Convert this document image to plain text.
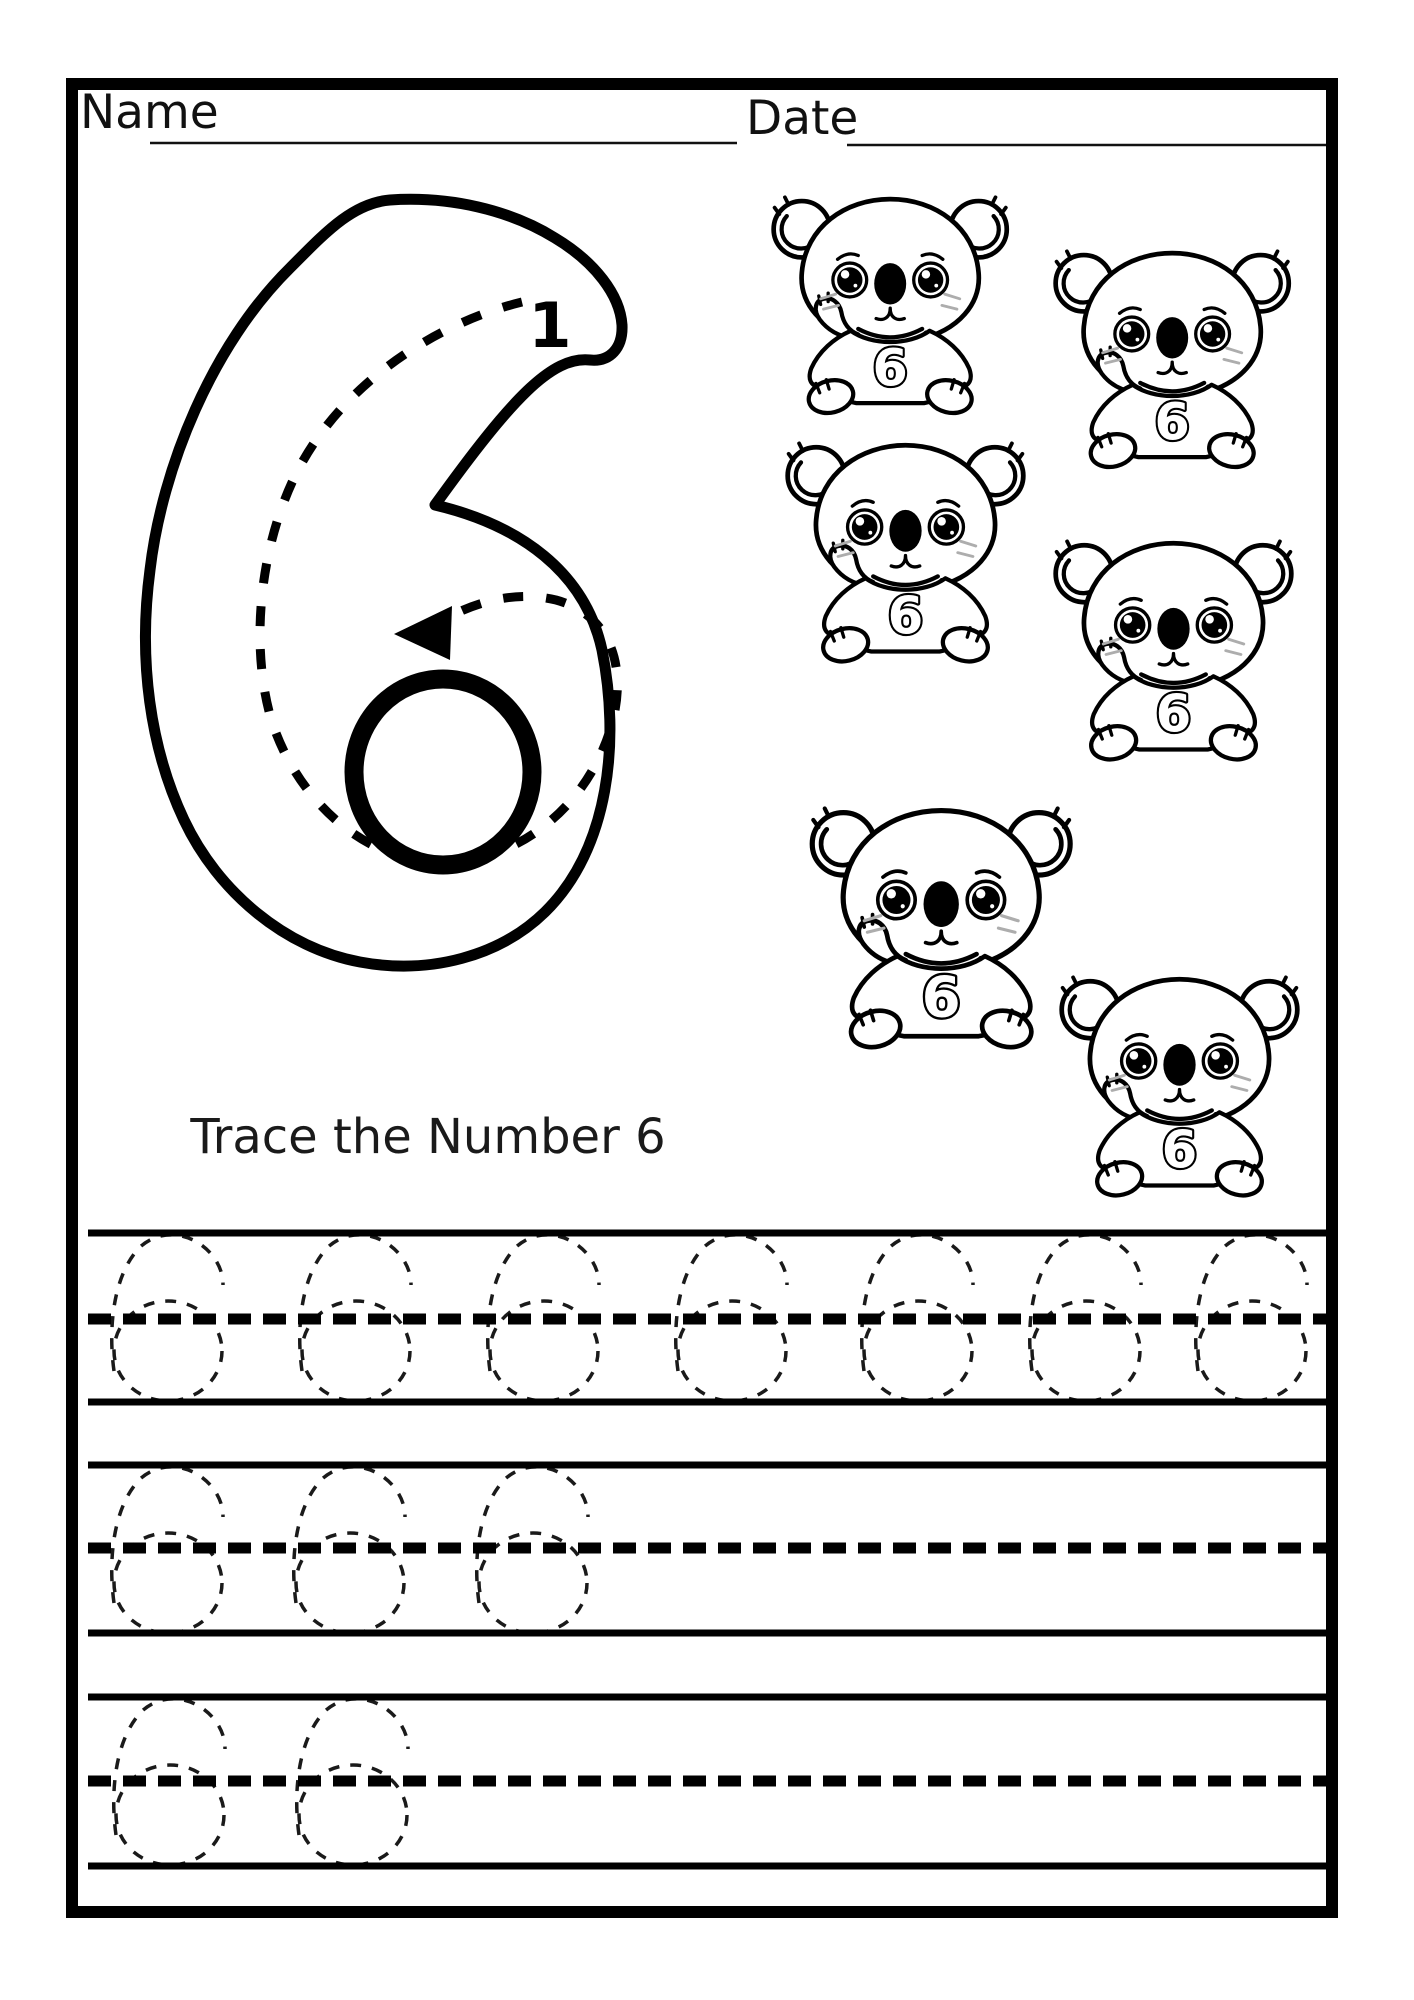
6
Name	Date
1
Trace the Number 6
